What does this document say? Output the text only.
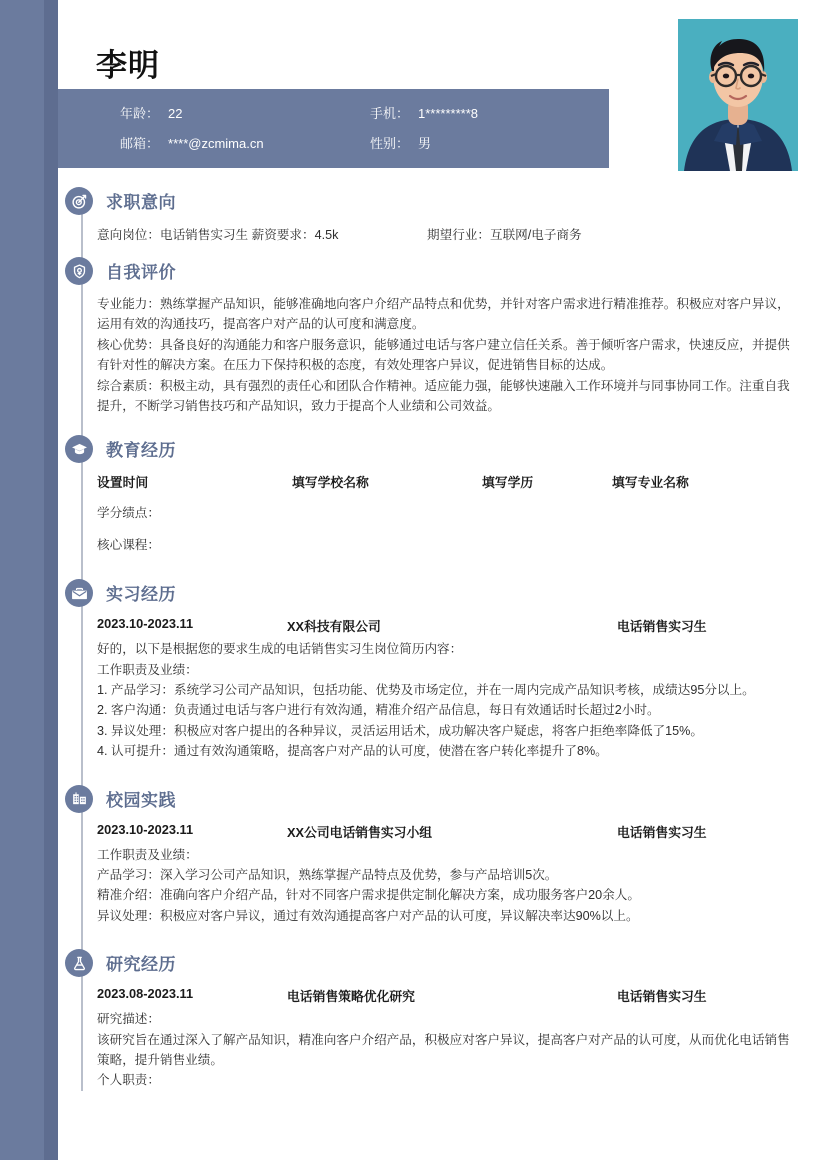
李明
年龄： 22	手机： 1*********8
邮箱： ****@zcmima.cn	性别： 男
求职意向
意向岗位：电话销售实习生 薪资要求：4.5k	期望行业：互联网/电子商务
自我评价

专业能力：熟练掌握产品知识，能够准确地向客户介绍产品特点和优势，并针对客户需求进行精准推荐。积极应对客户异议，运用有效的沟通技巧，提高客户对产品的认可度和满意度。

核心优势：具备良好的沟通能力和客户服务意识，能够通过电话与客户建立信任关系。善于倾听客户需求，快速反应，并提供有针对性的解决方案。在压力下保持积极的态度，有效处理客户异议，促进销售目标的达成。

综合素质：积极主动，具有强烈的责任心和团队合作精神。适应能力强，能够快速融入工作环境并与同事协同工作。注重自我提升，不断学习销售技巧和产品知识，致力于提高个人业绩和公司效益。

教育经历
设置时间	填写学校名称	填写学历	填写专业名称

学分绩点：

核心课程：

实习经历
2023.10-2023.11	XX科技有限公司	电话销售实习生

好的，以下是根据您的要求生成的电话销售实习生岗位简历内容：

工作职责及业绩：

1. 产品学习：系统学习公司产品知识，包括功能、优势及市场定位，并在一周内完成产品知识考核，成绩达95分以上。

2. 客户沟通：负责通过电话与客户进行有效沟通，精准介绍产品信息，每日有效通话时长超过2小时。

3. 异议处理：积极应对客户提出的各种异议，灵活运用话术，成功解决客户疑虑，将客户拒绝率降低了15%。

4. 认可提升：通过有效沟通策略，提高客户对产品的认可度，使潜在客户转化率提升了8%。

校园实践
2023.10-2023.11	XX公司电话销售实习小组	电话销售实习生

工作职责及业绩：

产品学习：深入学习公司产品知识，熟练掌握产品特点及优势，参与产品培训5次。

精准介绍：准确向客户介绍产品，针对不同客户需求提供定制化解决方案，成功服务客户20余人。

异议处理：积极应对客户异议，通过有效沟通提高客户对产品的认可度，异议解决率达90%以上。

研究经历
2023.08-2023.11	电话销售策略优化研究	电话销售实习生

研究描述：

该研究旨在通过深入了解产品知识，精准向客户介绍产品，积极应对客户异议，提高客户对产品的认可度，从而优化电话销售策略，提升销售业绩。

个人职责：
